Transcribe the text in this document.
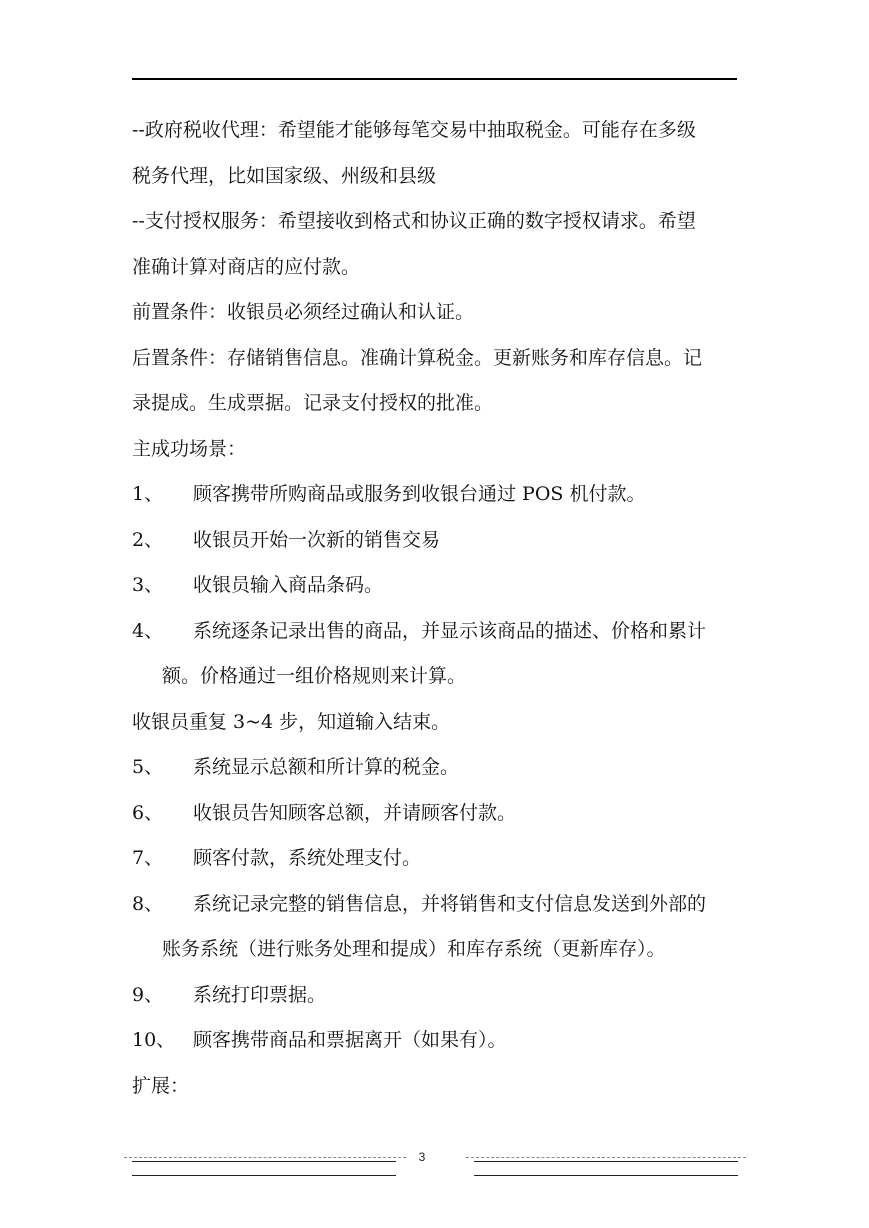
--政府税收代理：希望能才能够每笔交易中抽取税金。可能存在多级
税务代理，比如国家级、州级和县级
--支付授权服务：希望接收到格式和协议正确的数字授权请求。希望
准确计算对商店的应付款。
前置条件：收银员必须经过确认和认证。
后置条件：存储销售信息。准确计算税金。更新账务和库存信息。记
录提成。生成票据。记录支付授权的批准。
主成功场景：
1、	顾客携带所购商品或服务到收银台通过 POS 机付款。
2、	收银员开始一次新的销售交易
3、	收银员输入商品条码。
4、	系统逐条记录出售的商品，并显示该商品的描述、价格和累计
额。价格通过一组价格规则来计算。
收银员重复 3~4 步，知道输入结束。
5、	系统显示总额和所计算的税金。
6、	收银员告知顾客总额，并请顾客付款。
7、	顾客付款，系统处理支付。
8、	系统记录完整的销售信息，并将销售和支付信息发送到外部的
账务系统（进行账务处理和提成）和库存系统（更新库存）。
9、	系统打印票据。
10、 顾客携带商品和票据离开（如果有）。
扩展：
3
